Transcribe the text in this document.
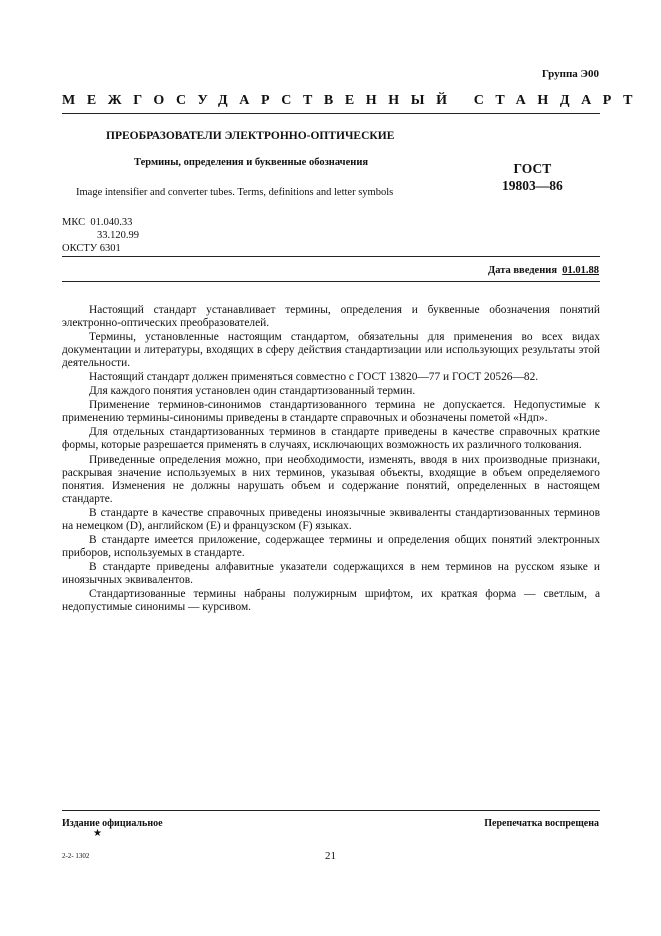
Группа Э00
МЕЖГОСУДАРСТВЕННЫЙ СТАНДАРТ
ПРЕОБРАЗОВАТЕЛИ ЭЛЕКТРОННО-ОПТИЧЕСКИЕ
Термины, определения и буквенные обозначения	ГОСТ
19803—86
Image intensifier and converter tubes. Terms, definitions and letter symbols
МКС 01.040.33
33.120.99
ОКСТУ 6301
Дата введения 01.01.88

Настоящий стандарт устанавливает термины, определения и буквенные обозначения понятий электронно-оптических преобразователей.

Термины, установленные настоящим стандартом, обязательны для применения во всех видах документации и литературы, входящих в сферу действия стандартизации или использующих результаты этой деятельности.

Настоящий стандарт должен применяться совместно с ГОСТ 13820—77 и ГОСТ 20526—82.

Для каждого понятия установлен один стандартизованный термин.

Применение терминов-синонимов стандартизованного термина не допускается. Недопустимые к применению термины-синонимы приведены в стандарте справочных и обозначены пометой «Ндп».

Для отдельных стандартизованных терминов в стандарте приведены в качестве справочных краткие формы, которые разрешается применять в случаях, исключающих возможность их различного толкования.

Приведенные определения можно, при необходимости, изменять, вводя в них производные признаки, раскрывая значение используемых в них терминов, указывая объекты, входящие в объем определяемого понятия. Изменения не должны нарушать объем и содержание понятий, определенных в настоящем стандарте.

В стандарте в качестве справочных приведены иноязычные эквиваленты стандартизованных терминов на немецком (D), английском (E) и французском (F) языках.

В стандарте имеется приложение, содержащее термины и определения общих понятий электронных приборов, используемых в стандарте.

В стандарте приведены алфавитные указатели содержащихся в нем терминов на русском языке и иноязычных эквивалентов.

Стандартизованные термины набраны полужирным шрифтом, их краткая форма — светлым, а недопустимые синонимы — курсивом.

Издание официальное
★
Перепечатка воспрещена
2-2- 1302	21
